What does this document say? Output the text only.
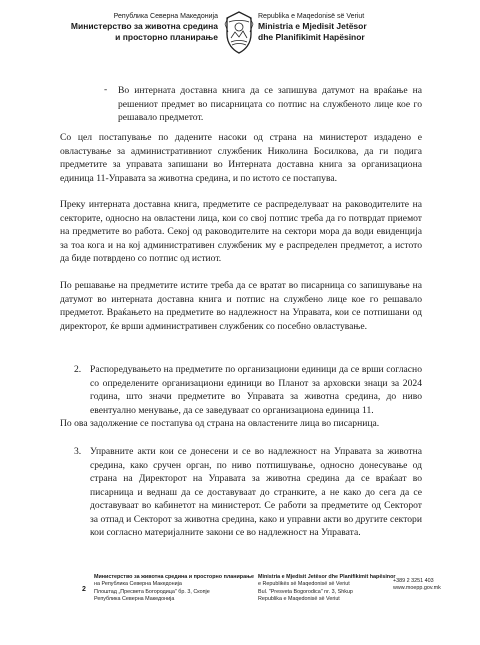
Република Северна Македонија
Министерство за животна средина
и просторно планирање
Republika e Maqedonisë së Veriut
Ministria e Mjedisit Jetësor
dhe Planifikimit Hapësinor
- Во интерната доставна книга да се запишува датумот на враќање на решениот предмет во писарницата со потпис на службеното лице кое го решавало предметот.
Со цел постапување по дадените насоки од страна на министерот издадено е овластување за административниот службеник Николина Босилкова, да ги подига предметите за управата запишани во Интерната доставна книга за организациона единица 11-Управата за животна средина, и по истото се постапува.
Преку интерната доставна книга, предметите се распределуваат на раководителите на секторите, односно на овластени лица, кои со свој потпис треба да го потврдат приемот на предметите во работа. Секој од раководителите на сектори мора да води евиденција за тоа кога и на кој административен службеник му е распределен предметот, а истото да биде потврдено со потпис од истиот.
По решавање на предметите истите треба да се вратат во писарница со запишување на датумот во интерната доставна книга и потпис на службено лице кое го решавало предметот. Враќањето на предметите во надлежност на Управата, кои се потпишани од директорот, ќе врши административен службеник со посебно овластување.
2. Распоредувањето на предметите по организациони единици да се врши согласно со определените организациони единици во Планот за арховски знаци за 2024 година, што значи предметите во Управата за животна средина, до ниво евентуално менување, да се заведуваат со организациона единица 11.
По ова задолжение се постапува од страна на овластените лица во писарница.
3. Управните акти кои се донесени и се во надлежност на Управата за животна средина, како сручен орган, по ниво потпишување, односно донесување од страна на Директорот на Управата за животна средина да се враќаат во писарница и веднаш да се доставуваат до странките, а не како до сега да се доставуваат во кабинетот на министерот. Се работи за предметите од Секторот за отпад и Секторот за животна средина, како и управни акти во другите сектори кои согласно материјалните закони се во надлежност на Управата.
2
Министерство за животна средина и просторно планирање
на Република Северна Македонија
Плоштад „Пресвета Богородица" бр. 3, Скопје
Република Северна Македонија
Ministria e Mjedisit Jetësor dhe Planifikimit hapësinor
e Republikës së Maqedonisë së Veriut
Bul. "Presveta Bogorodica" nr. 3, Shkup
Republika e Maqedonisë së Veriut
+389 2 3251 403
www.moepp.gov.mk
